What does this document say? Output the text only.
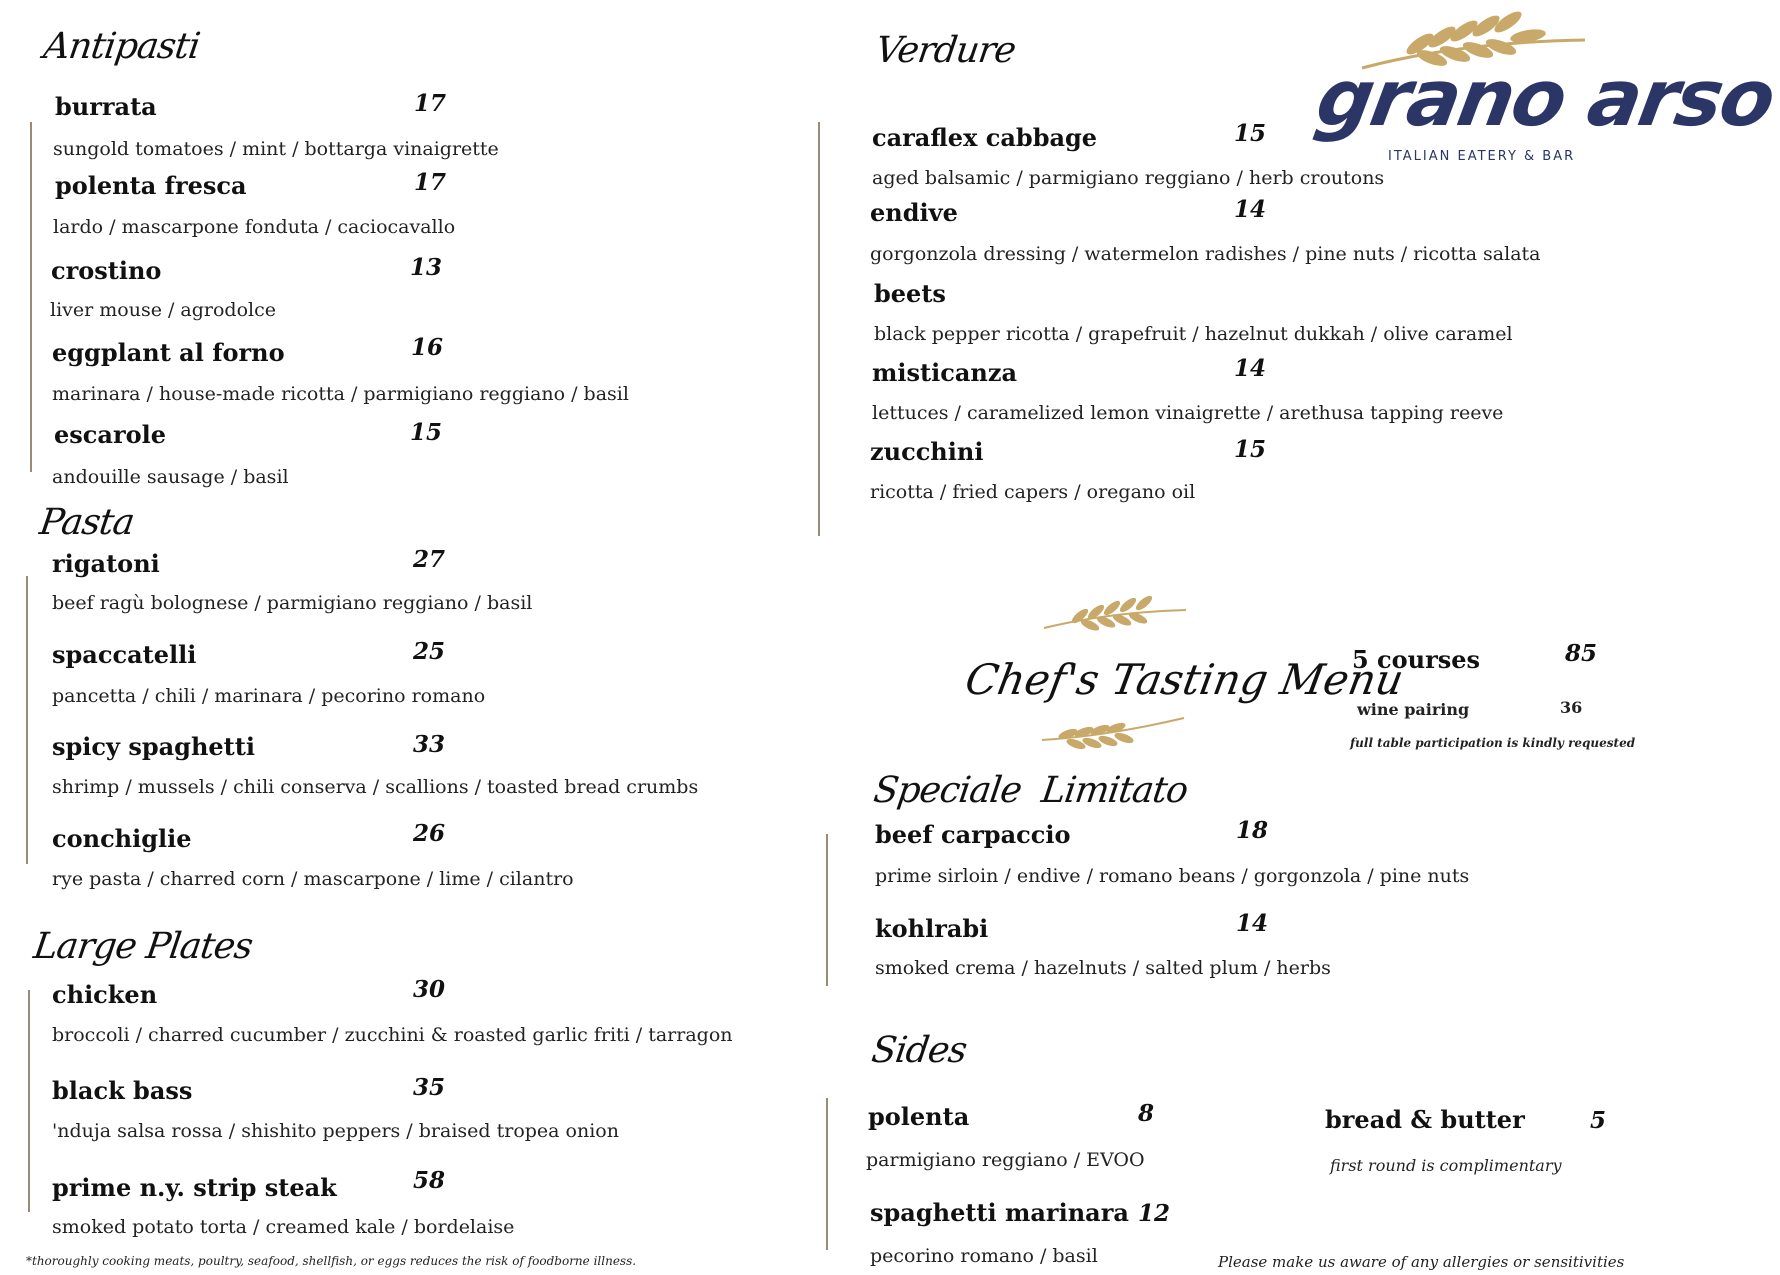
Antipasti
burrata	17
sungold tomatoes / mint / bottarga vinaigrette
polenta fresca	17
lardo / mascarpone fonduta / caciocavallo
crostino	13
liver mouse / agrodolce
eggplant al forno	16
marinara / house-made ricotta / parmigiano reggiano / basil
escarole	15
andouille sausage / basil
Pasta
rigatoni	27
beef ragù bolognese / parmigiano reggiano / basil
spaccatelli	25
pancetta / chili / marinara / pecorino romano
spicy spaghetti	33
shrimp / mussels / chili conserva / scallions / toasted bread crumbs
conchiglie	26
rye pasta / charred corn / mascarpone / lime / cilantro
Large Plates
chicken	30
broccoli / charred cucumber / zucchini & roasted garlic friti / tarragon
black bass	35
'nduja salsa rossa / shishito peppers / braised tropea onion
prime n.y. strip steak	58
smoked potato torta / creamed kale / bordelaise
*thoroughly cooking meats, poultry, seafood, shellfish, or eggs reduces the risk of foodborne illness.
grano arso
ITALIAN EATERY & BAR
Verdure
caraflex cabbage	15
aged balsamic / parmigiano reggiano / herb croutons
endive	14
gorgonzola dressing / watermelon radishes / pine nuts / ricotta salata
beets
black pepper ricotta / grapefruit / hazelnut dukkah / olive caramel
misticanza	14
lettuces / caramelized lemon vinaigrette / arethusa tapping reeve
zucchini	15
ricotta / fried capers / oregano oil
Chef's Tasting Menu
5 courses	85
wine pairing	36
full table participation is kindly requested
Speciale  Limitato
beef carpaccio	18
prime sirloin / endive / romano beans / gorgonzola / pine nuts
kohlrabi	14
smoked crema / hazelnuts / salted plum / herbs
Sides
polenta	8
parmigiano reggiano / EVOO
spaghetti marinara 12
pecorino romano / basil
bread & butter	5
first round is complimentary
Please make us aware of any allergies or sensitivities
